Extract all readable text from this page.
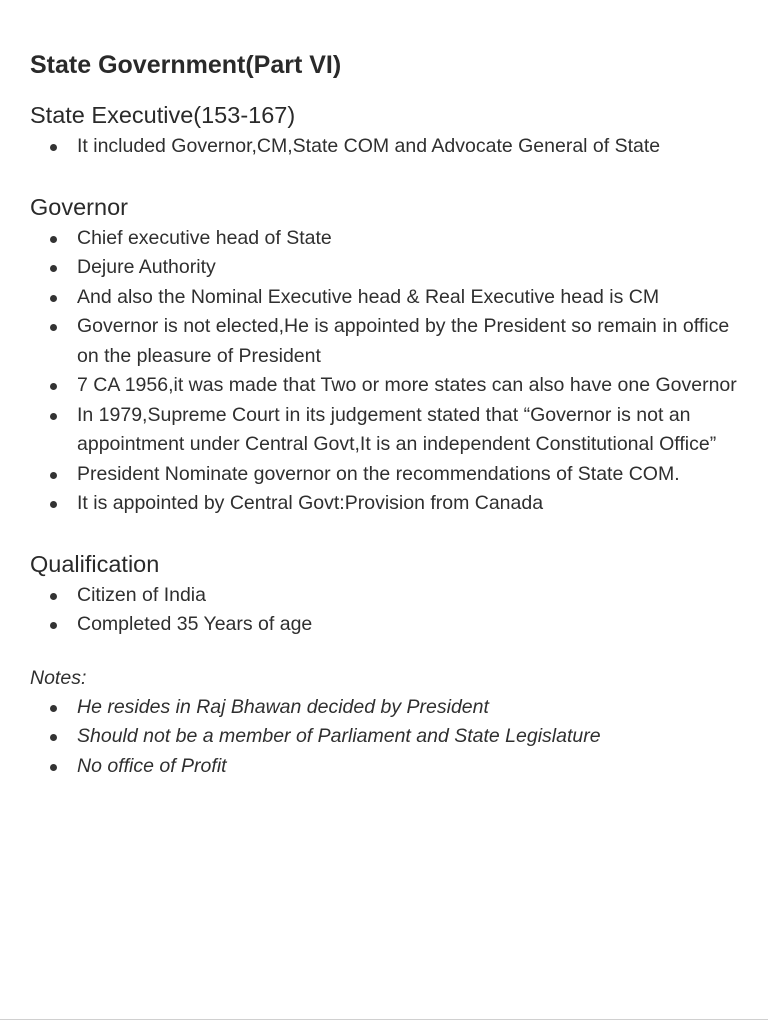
State Government(Part VI)
State Executive(153-167)
It included Governor,CM,State COM and Advocate General of State
Governor
Chief executive head of State
Dejure Authority
And also the Nominal Executive head & Real Executive head is CM
Governor is not elected,He is appointed by the President so remain in office on the pleasure of President
7 CA 1956,it was made that Two or more states can also have one Governor
In 1979,Supreme Court in its judgement stated that “Governor is not an appointment under Central Govt,It is an independent Constitutional Office”
President Nominate governor on the recommendations of State COM.
It is appointed by Central Govt:Provision from Canada
Qualification
Citizen of India
Completed 35 Years of age
Notes:
He resides in Raj Bhawan decided by President
Should not be a member of Parliament and State Legislature
No office of Profit
